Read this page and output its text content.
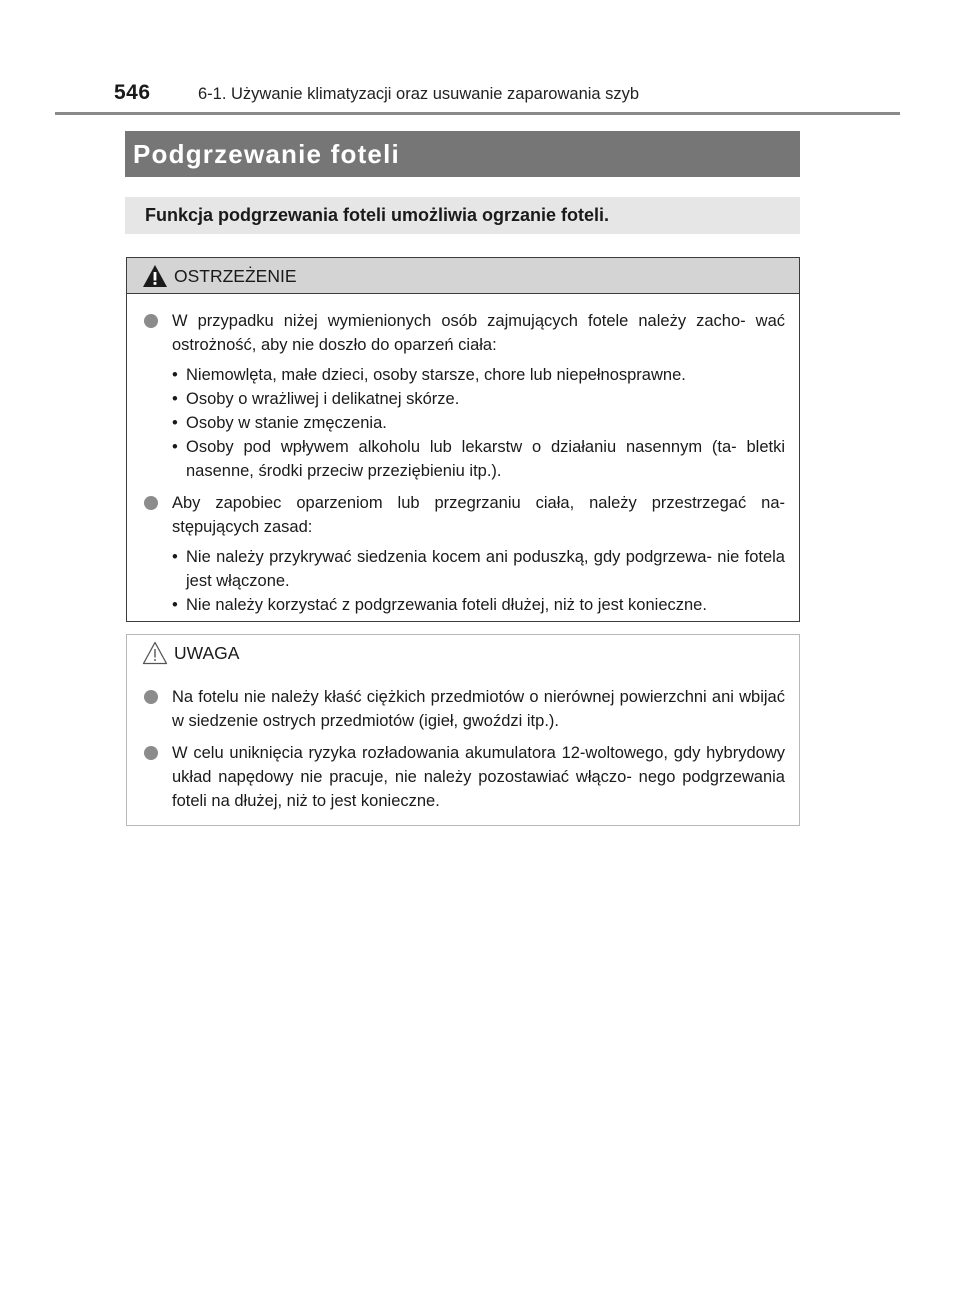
546	6-1. Używanie klimatyzacji oraz usuwanie zaparowania szyb
Podgrzewanie foteli
Funkcja podgrzewania foteli umożliwia ogrzanie foteli.
OSTRZEŻENIE
W przypadku niżej wymienionych osób zajmujących fotele należy zacho- wać ostrożność, aby nie doszło do oparzeń ciała:
• Niemowlęta, małe dzieci, osoby starsze, chore lub niepełnosprawne.
• Osoby o wrażliwej i delikatnej skórze.
• Osoby w stanie zmęczenia.
• Osoby pod wpływem alkoholu lub lekarstw o działaniu nasennym (ta- bletki nasenne, środki przeciw przeziębieniu itp.).
Aby zapobiec oparzeniom lub przegrzaniu ciała, należy przestrzegać na- stępujących zasad:
• Nie należy przykrywać siedzenia kocem ani poduszką, gdy podgrzewa- nie fotela jest włączone.
• Nie należy korzystać z podgrzewania foteli dłużej, niż to jest konieczne.
UWAGA
Na fotelu nie należy kłaść ciężkich przedmiotów o nierównej powierzchni ani wbijać w siedzenie ostrych przedmiotów (igieł, gwoździ itp.).
W celu uniknięcia ryzyka rozładowania akumulatora 12-woltowego, gdy hybrydowy układ napędowy nie pracuje, nie należy pozostawiać włączo- nego podgrzewania foteli na dłużej, niż to jest konieczne.
